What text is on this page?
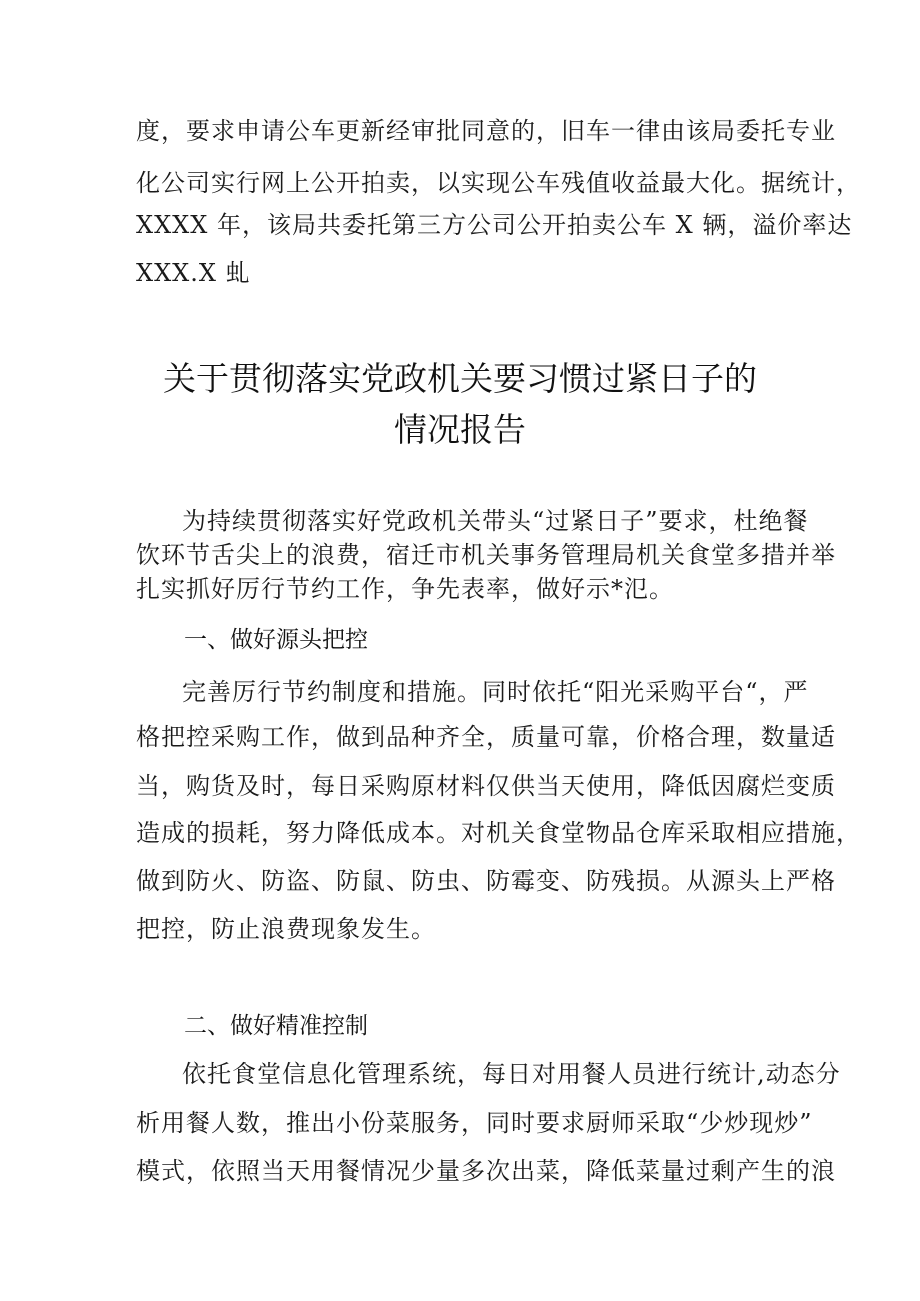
度，要求申请公车更新经审批同意的，旧车一律由该局委托专业
化公司实行网上公开拍卖，以实现公车残值收益最大化。据统计，
XXXX 年，该局共委托第三方公司公开拍卖公车 X 辆，溢价率达
XXX.X 虬
关于贯彻落实党政机关要习惯过紧日子的
情况报告
为持续贯彻落实好党政机关带头“过紧日子”要求，杜绝餐
饮环节舌尖上的浪费，宿迁市机关事务管理局机关食堂多措并举
扎实抓好厉行节约工作，争先表率，做好示*氾。
一、做好源头把控
完善厉行节约制度和措施。同时依托“阳光采购平台“，严
格把控采购工作，做到品种齐全，质量可靠，价格合理，数量适
当，购货及时，每日采购原材料仅供当天使用，降低因腐烂变质
造成的损耗，努力降低成本。对机关食堂物品仓库采取相应措施，
做到防火、防盗、防鼠、防虫、防霉变、防残损。从源头上严格
把控，防止浪费现象发生。
二、做好精准控制
依托食堂信息化管理系统，每日对用餐人员进行统计,动态分
析用餐人数，推出小份菜服务，同时要求厨师采取“少炒现炒”
模式，依照当天用餐情况少量多次出菜，降低菜量过剩产生的浪
